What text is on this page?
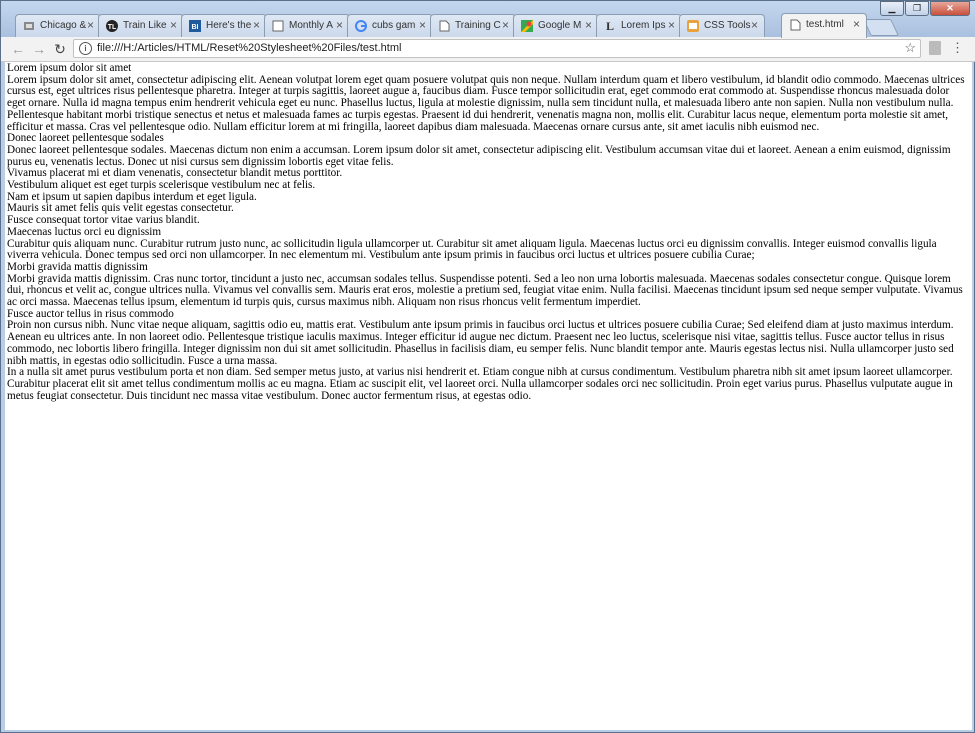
Chicago & × TL Train Like × BI Here's the ×	Monthly A ×	cubs gam ×	Training C ×	Google M × L Lorem Ips ×	CSS Tools ×	test.html ×
▁ ❐	✕
← → ↻	i file:///H:/Articles/HTML/Reset%20Stylesheet%20Files/test.html	☆	⋮
Lorem ipsum dolor sit amet
Lorem ipsum dolor sit amet, consectetur adipiscing elit. Aenean volutpat lorem eget quam posuere volutpat quis non neque. Nullam interdum quam et libero vestibulum, id blandit odio commodo. Maecenas ultrices cursus est, eget ultrices risus pellentesque pharetra. Integer at turpis sagittis, laoreet augue a, faucibus diam. Fusce tempor sollicitudin erat, eget commodo erat commodo at. Suspendisse rhoncus malesuada dolor eget ornare. Nulla id magna tempus enim hendrerit vehicula eget eu nunc. Phasellus luctus, ligula at molestie dignissim, nulla sem tincidunt nulla, et malesuada libero ante non sapien. Nulla non vestibulum nulla. Pellentesque habitant morbi tristique senectus et netus et malesuada fames ac turpis egestas. Praesent id dui hendrerit, venenatis magna non, mollis elit. Curabitur lacus neque, elementum porta molestie sit amet, efficitur et massa. Cras vel pellentesque odio. Nullam efficitur lorem at mi fringilla, laoreet dapibus diam malesuada. Maecenas ornare cursus ante, sit amet iaculis nibh euismod nec.
Donec laoreet pellentesque sodales
Donec laoreet pellentesque sodales. Maecenas dictum non enim a accumsan. Lorem ipsum dolor sit amet, consectetur adipiscing elit. Vestibulum accumsan vitae dui et laoreet. Aenean a enim euismod, dignissim purus eu, venenatis lectus. Donec ut nisi cursus sem dignissim lobortis eget vitae felis.
Vivamus placerat mi et diam venenatis, consectetur blandit metus porttitor.
Vestibulum aliquet est eget turpis scelerisque vestibulum nec at felis.
Nam et ipsum ut sapien dapibus interdum et eget ligula.
Mauris sit amet felis quis velit egestas consectetur.
Fusce consequat tortor vitae varius blandit.
Maecenas luctus orci eu dignissim
Curabitur quis aliquam nunc. Curabitur rutrum justo nunc, ac sollicitudin ligula ullamcorper ut. Curabitur sit amet aliquam ligula. Maecenas luctus orci eu dignissim convallis. Integer euismod convallis ligula viverra vehicula. Donec tempus sed orci non ullamcorper. In nec elementum mi. Vestibulum ante ipsum primis in faucibus orci luctus et ultrices posuere cubilia Curae;
Morbi gravida mattis dignissim
Morbi gravida mattis dignissim. Cras nunc tortor, tincidunt a justo nec, accumsan sodales tellus. Suspendisse potenti. Sed a leo non urna lobortis malesuada. Maecenas sodales consectetur congue. Quisque lorem dui, rhoncus et velit ac, congue ultrices nulla. Vivamus vel convallis sem. Mauris erat eros, molestie a pretium sed, feugiat vitae enim. Nulla facilisi. Maecenas tincidunt ipsum sed neque semper vulputate. Vivamus ac orci massa. Maecenas tellus ipsum, elementum id turpis quis, cursus maximus nibh. Aliquam non risus rhoncus velit fermentum imperdiet.
Fusce auctor tellus in risus commodo
Proin non cursus nibh. Nunc vitae neque aliquam, sagittis odio eu, mattis erat. Vestibulum ante ipsum primis in faucibus orci luctus et ultrices posuere cubilia Curae; Sed eleifend diam at justo maximus interdum. Aenean eu ultrices ante. In non laoreet odio. Pellentesque tristique iaculis maximus. Integer efficitur id augue nec dictum. Praesent nec leo luctus, scelerisque nisi vitae, sagittis tellus. Fusce auctor tellus in risus commodo, nec lobortis libero fringilla. Integer dignissim non dui sit amet sollicitudin. Phasellus in facilisis diam, eu semper felis. Nunc blandit tempor ante. Mauris egestas lectus nisi. Nulla ullamcorper justo sed nibh mattis, in egestas odio sollicitudin. Fusce a urna massa.
In a nulla sit amet purus vestibulum porta et non diam. Sed semper metus justo, at varius nisi hendrerit et. Etiam congue nibh at cursus condimentum. Vestibulum pharetra nibh sit amet ipsum laoreet ullamcorper. Curabitur placerat elit sit amet tellus condimentum mollis ac eu magna. Etiam ac suscipit elit, vel laoreet orci. Nulla ullamcorper sodales orci nec sollicitudin. Proin eget varius purus. Phasellus vulputate augue in metus feugiat consectetur. Duis tincidunt nec massa vitae vestibulum. Donec auctor fermentum risus, at egestas odio.
